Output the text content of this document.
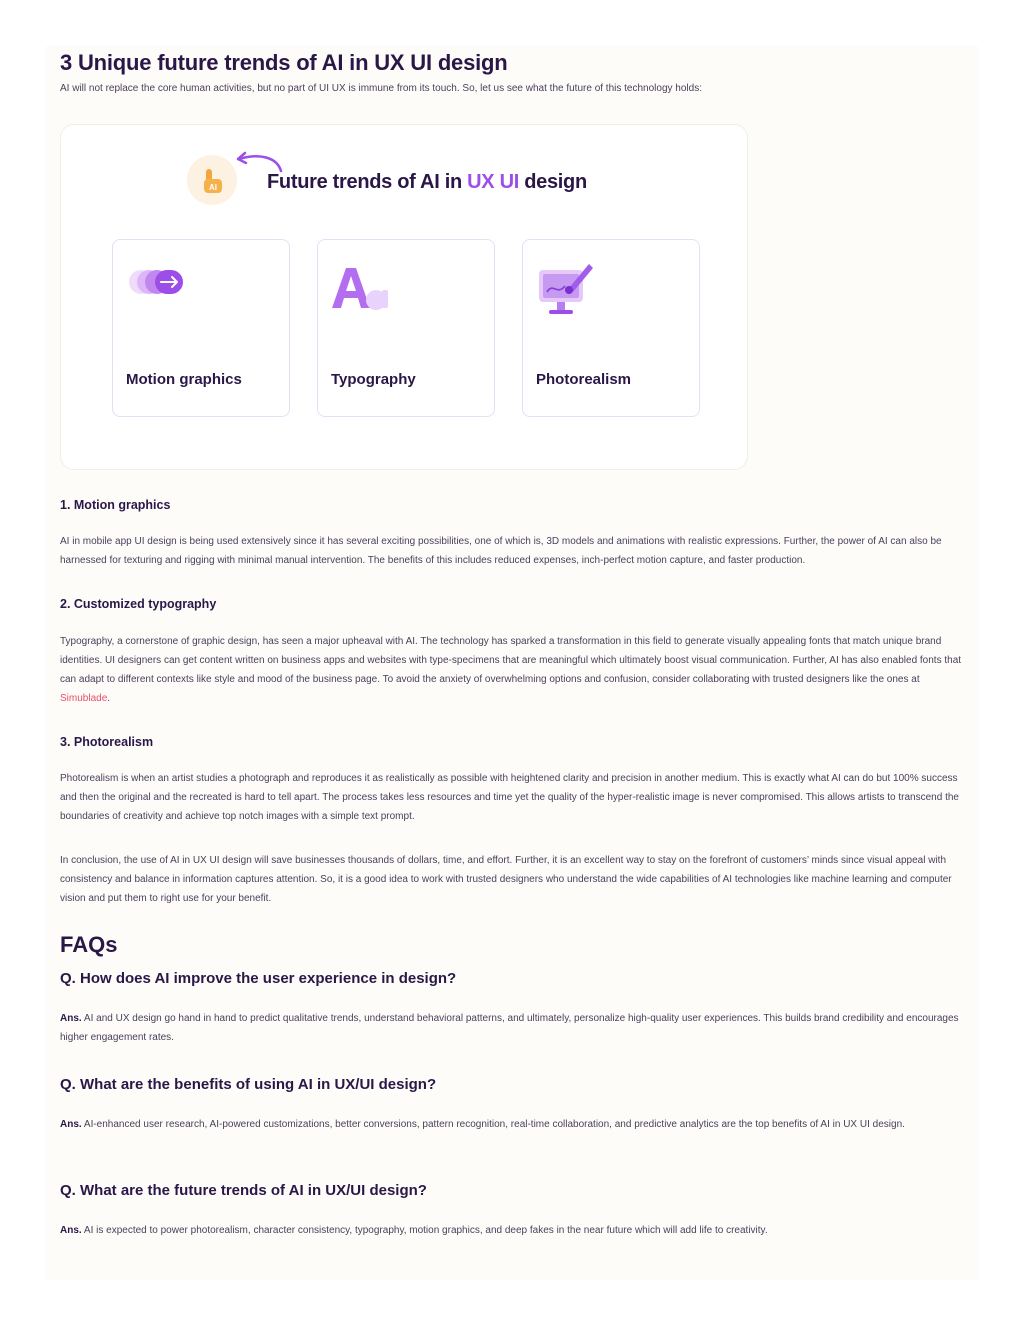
3 Unique future trends of AI in UX UI design

AI will not replace the core human activities, but no part of UI UX is immune from its touch. So, let us see what the future of this technology holds:

AI	Future trends of AI in UX UI design
Motion graphics	Typography	Photorealism
1. Motion graphics

AI in mobile app UI design is being used extensively since it has several exciting possibilities, one of which is, 3D models and animations with realistic expressions. Further, the power of AI can also be harnessed for texturing and rigging with minimal manual intervention. The benefits of this includes reduced expenses, inch-perfect motion capture, and faster production.

2. Customized typography

Typography, a cornerstone of graphic design, has seen a major upheaval with AI. The technology has sparked a transformation in this field to generate visually appealing fonts that match unique brand identities. UI designers can get content written on business apps and websites with type-specimens that are meaningful which ultimately boost visual communication. Further, AI has also enabled fonts that can adapt to different contexts like style and mood of the business page. To avoid the anxiety of overwhelming options and confusion, consider collaborating with trusted designers like the ones at Simublade.

3. Photorealism

Photorealism is when an artist studies a photograph and reproduces it as realistically as possible with heightened clarity and precision in another medium. This is exactly what AI can do but 100% success and then the original and the recreated is hard to tell apart. The process takes less resources and time yet the quality of the hyper-realistic image is never compromised. This allows artists to transcend the boundaries of creativity and achieve top notch images with a simple text prompt.

In conclusion, the use of AI in UX UI design will save businesses thousands of dollars, time, and effort. Further, it is an excellent way to stay on the forefront of customers’ minds since visual appeal with consistency and balance in information captures attention. So, it is a good idea to work with trusted designers who understand the wide capabilities of AI technologies like machine learning and computer vision and put them to right use for your benefit.

FAQs
Q. How does AI improve the user experience in design?

Ans. AI and UX design go hand in hand to predict qualitative trends, understand behavioral patterns, and ultimately, personalize high-quality user experiences. This builds brand credibility and encourages higher engagement rates.

Q. What are the benefits of using AI in UX/UI design?

Ans. AI-enhanced user research, AI-powered customizations, better conversions, pattern recognition, real-time collaboration, and predictive analytics are the top benefits of AI in UX UI design.

Q. What are the future trends of AI in UX/UI design?

Ans. AI is expected to power photorealism, character consistency, typography, motion graphics, and deep fakes in the near future which will add life to creativity.
